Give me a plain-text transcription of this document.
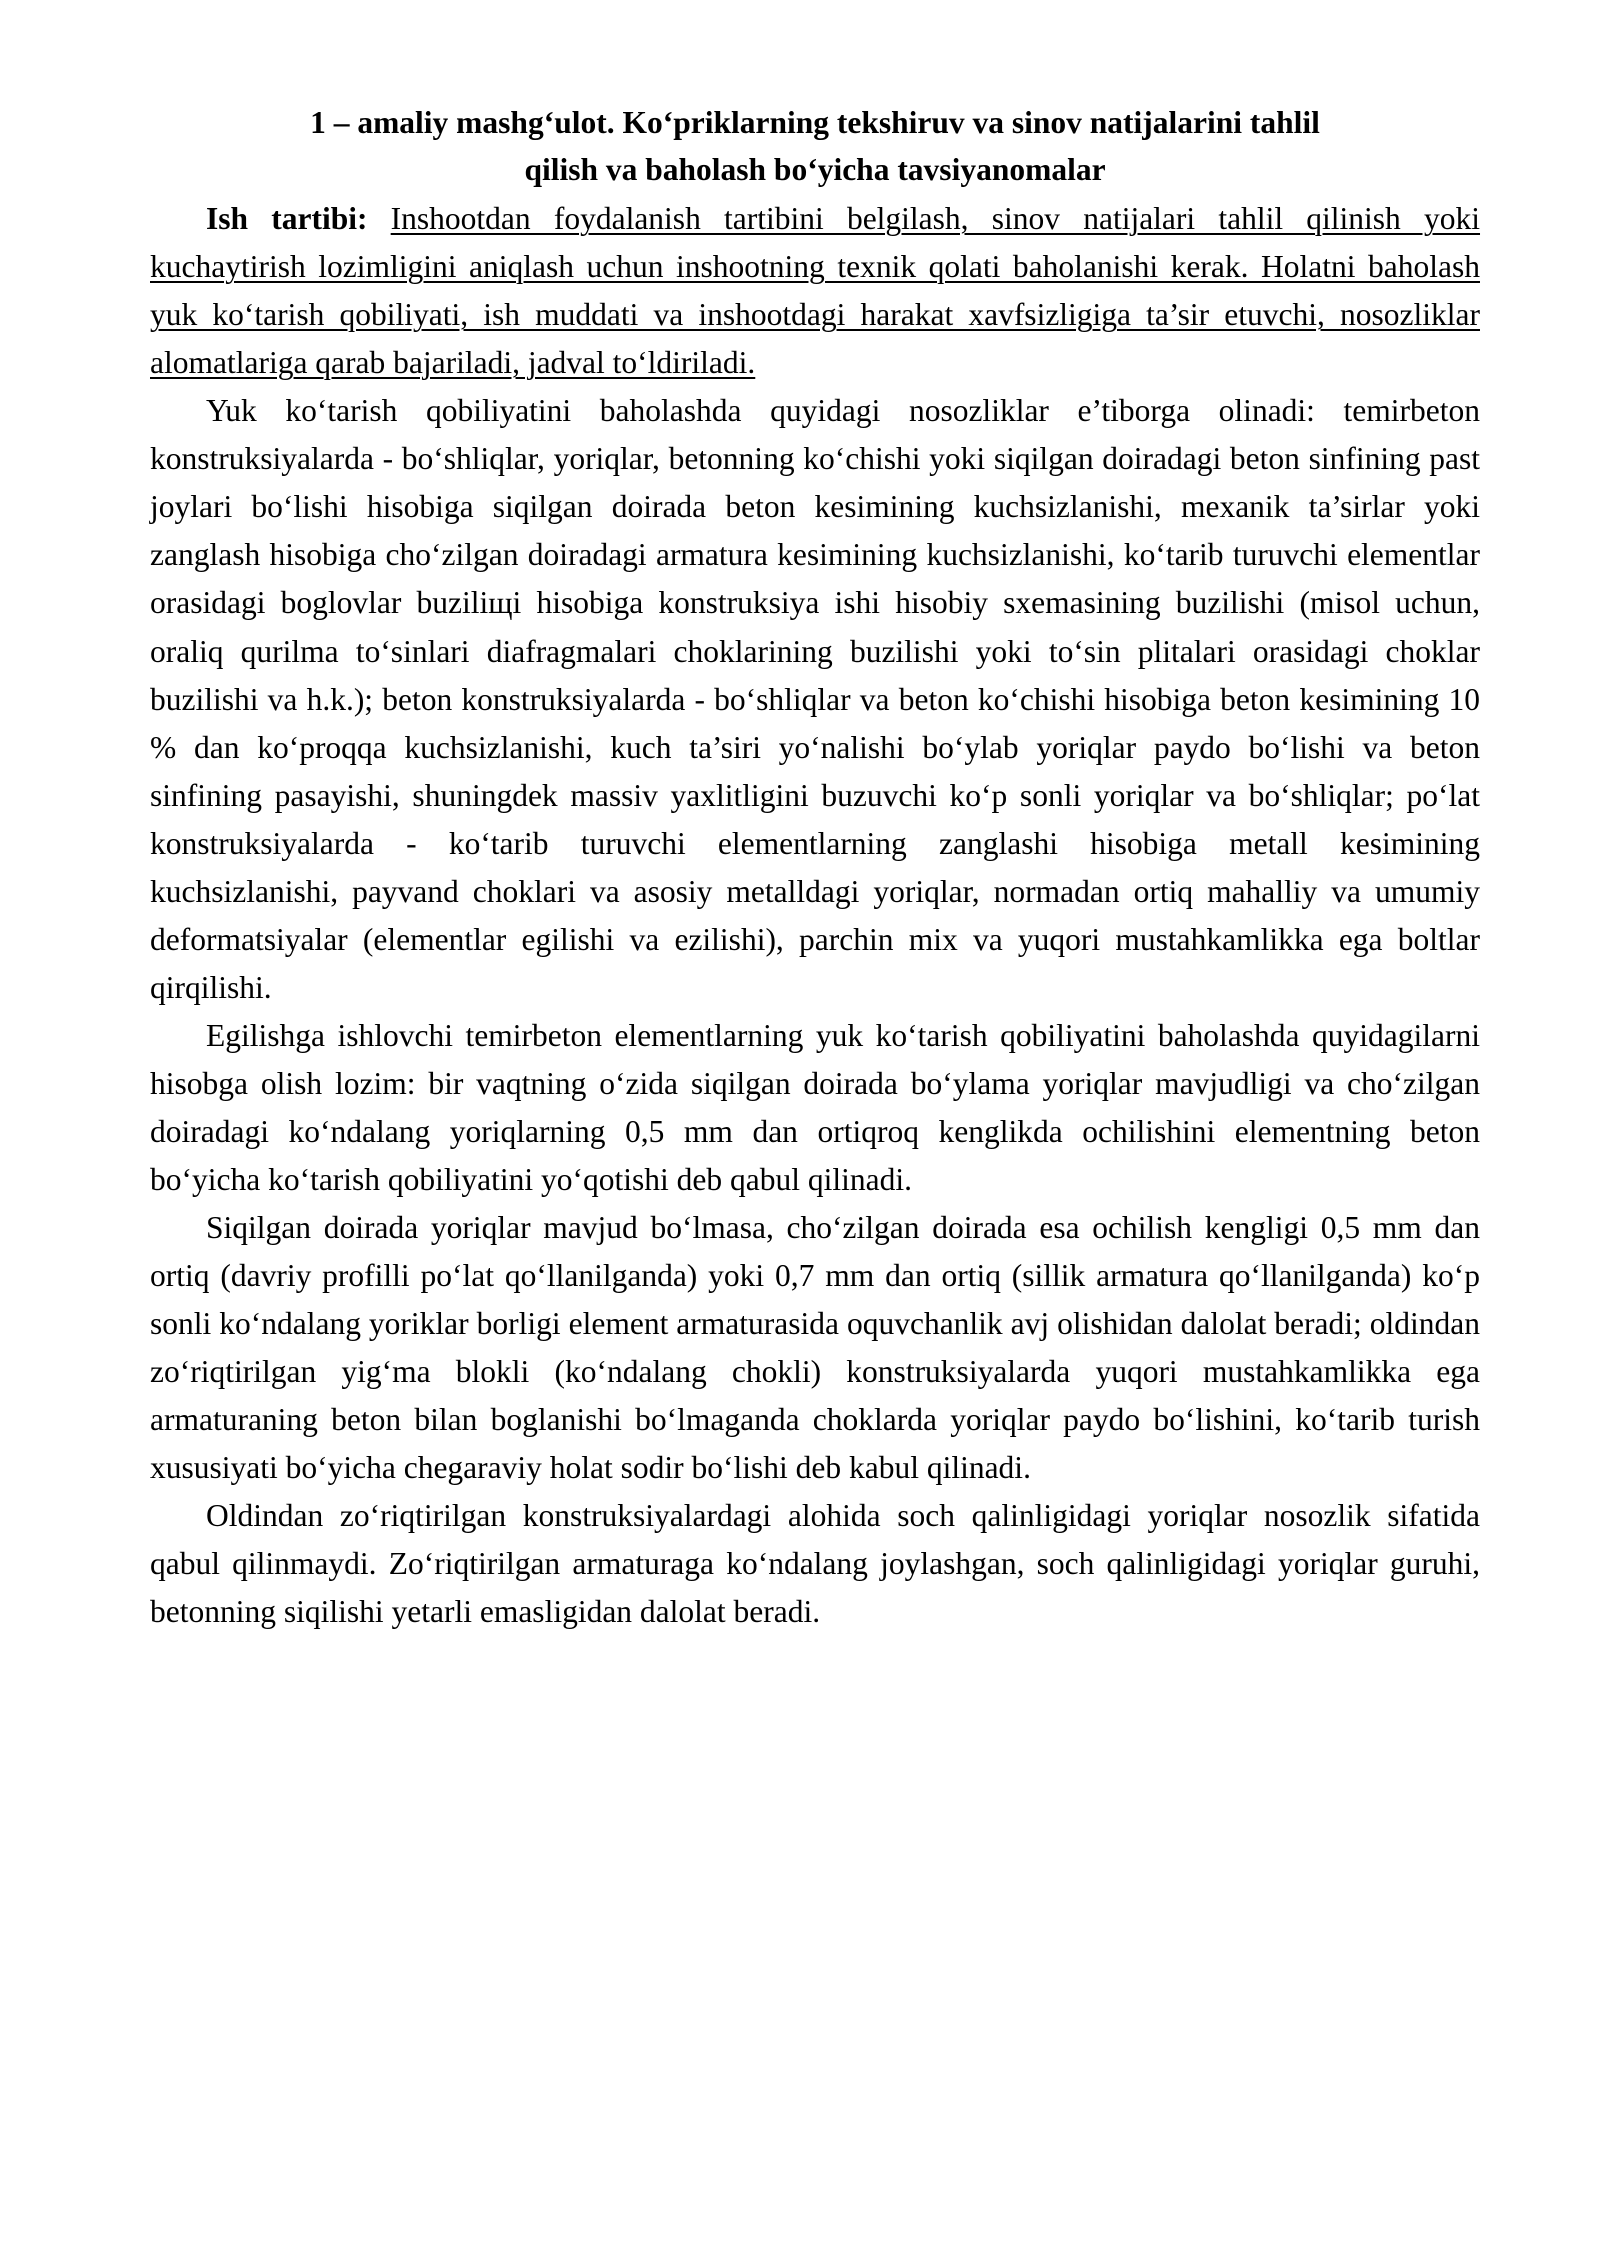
1 – amaliy mashg‘ulot. Ko‘priklarning tekshiruv va sinov natijalarini tahlil
qilish va baholash bo‘yicha tavsiyanomalar

Ish tartibi: Inshootdan foydalanish tartibini belgilash, sinov natijalari tahlil qilinish yoki kuchaytirish lozimligini aniqlash uchun inshootning texnik qolati baholanishi kerak. Holatni baholash yuk ko‘tarish qobiliyati, ish muddati va inshootdagi harakat xavfsizligiga ta’sir etuvchi, nosozliklar alomatlariga qarab bajariladi, jadval to‘ldiriladi.

Yuk ko‘tarish qobiliyatini baholashda quyidagi nosozliklar e’tiborga olinadi: temirbeton konstruksiyalarda - bo‘shliqlar, yoriqlar, betonning ko‘chishi yoki siqilgan doiradagi beton sinfining past joylari bo‘lishi hisobiga siqilgan doirada beton kesimining kuchsizlanishi, mexanik ta’sirlar yoki zanglash hisobiga cho‘zilgan doiradagi armatura kesimining kuchsizlanishi, ko‘tarib turuvchi elementlar orasidagi boglovlar buziliщi hisobiga konstruksiya ishi hisobiy sxemasining buzilishi (misol uchun, oraliq qurilma to‘sinlari diafragmalari choklarining buzilishi yoki to‘sin plitalari orasidagi choklar buzilishi va h.k.); beton konstruksiyalarda - bo‘shliqlar va beton ko‘chishi hisobiga beton kesimining 10 % dan ko‘proqqa kuchsizlanishi, kuch ta’siri yo‘nalishi bo‘ylab yoriqlar paydo bo‘lishi va beton sinfining pasayishi, shuningdek massiv yaxlitligini buzuvchi ko‘p sonli yoriqlar va bo‘shliqlar; po‘lat konstruksiyalarda - ko‘tarib turuvchi elementlarning zanglashi hisobiga metall kesimining kuchsizlanishi, payvand choklari va asosiy metalldagi yoriqlar, normadan ortiq mahalliy va umumiy deformatsiyalar (elementlar egilishi va ezilishi), parchin mix va yuqori mustahkamlikka ega boltlar qirqilishi.

Egilishga ishlovchi temirbeton elementlarning yuk ko‘tarish qobiliyatini baholashda quyidagilarni hisobga olish lozim: bir vaqtning o‘zida siqilgan doirada bo‘ylama yoriqlar mavjudligi va cho‘zilgan doiradagi ko‘ndalang yoriqlarning 0,5 mm dan ortiqroq kenglikda ochilishini elementning beton bo‘yicha ko‘tarish qobiliyatini yo‘qotishi deb qabul qilinadi.

Siqilgan doirada yoriqlar mavjud bo‘lmasa, cho‘zilgan doirada esa ochilish kengligi 0,5 mm dan ortiq (davriy profilli po‘lat qo‘llanilganda) yoki 0,7 mm dan ortiq (sillik armatura qo‘llanilganda) ko‘p sonli ko‘ndalang yoriklar borligi element armaturasida oquvchanlik avj olishidan dalolat beradi; oldindan zo‘riqtirilgan yig‘ma blokli (ko‘ndalang chokli) konstruksiyalarda yuqori mustahkamlikka ega armaturaning beton bilan boglanishi bo‘lmaganda choklarda yoriqlar paydo bo‘lishini, ko‘tarib turish xususiyati bo‘yicha chegaraviy holat sodir bo‘lishi deb kabul qilinadi.

Oldindan zo‘riqtirilgan konstruksiyalardagi alohida soch qalinligidagi yoriqlar nosozlik sifatida qabul qilinmaydi. Zo‘riqtirilgan armaturaga ko‘ndalang joylashgan, soch qalinligidagi yoriqlar guruhi, betonning siqilishi yetarli emasligidan dalolat beradi.
